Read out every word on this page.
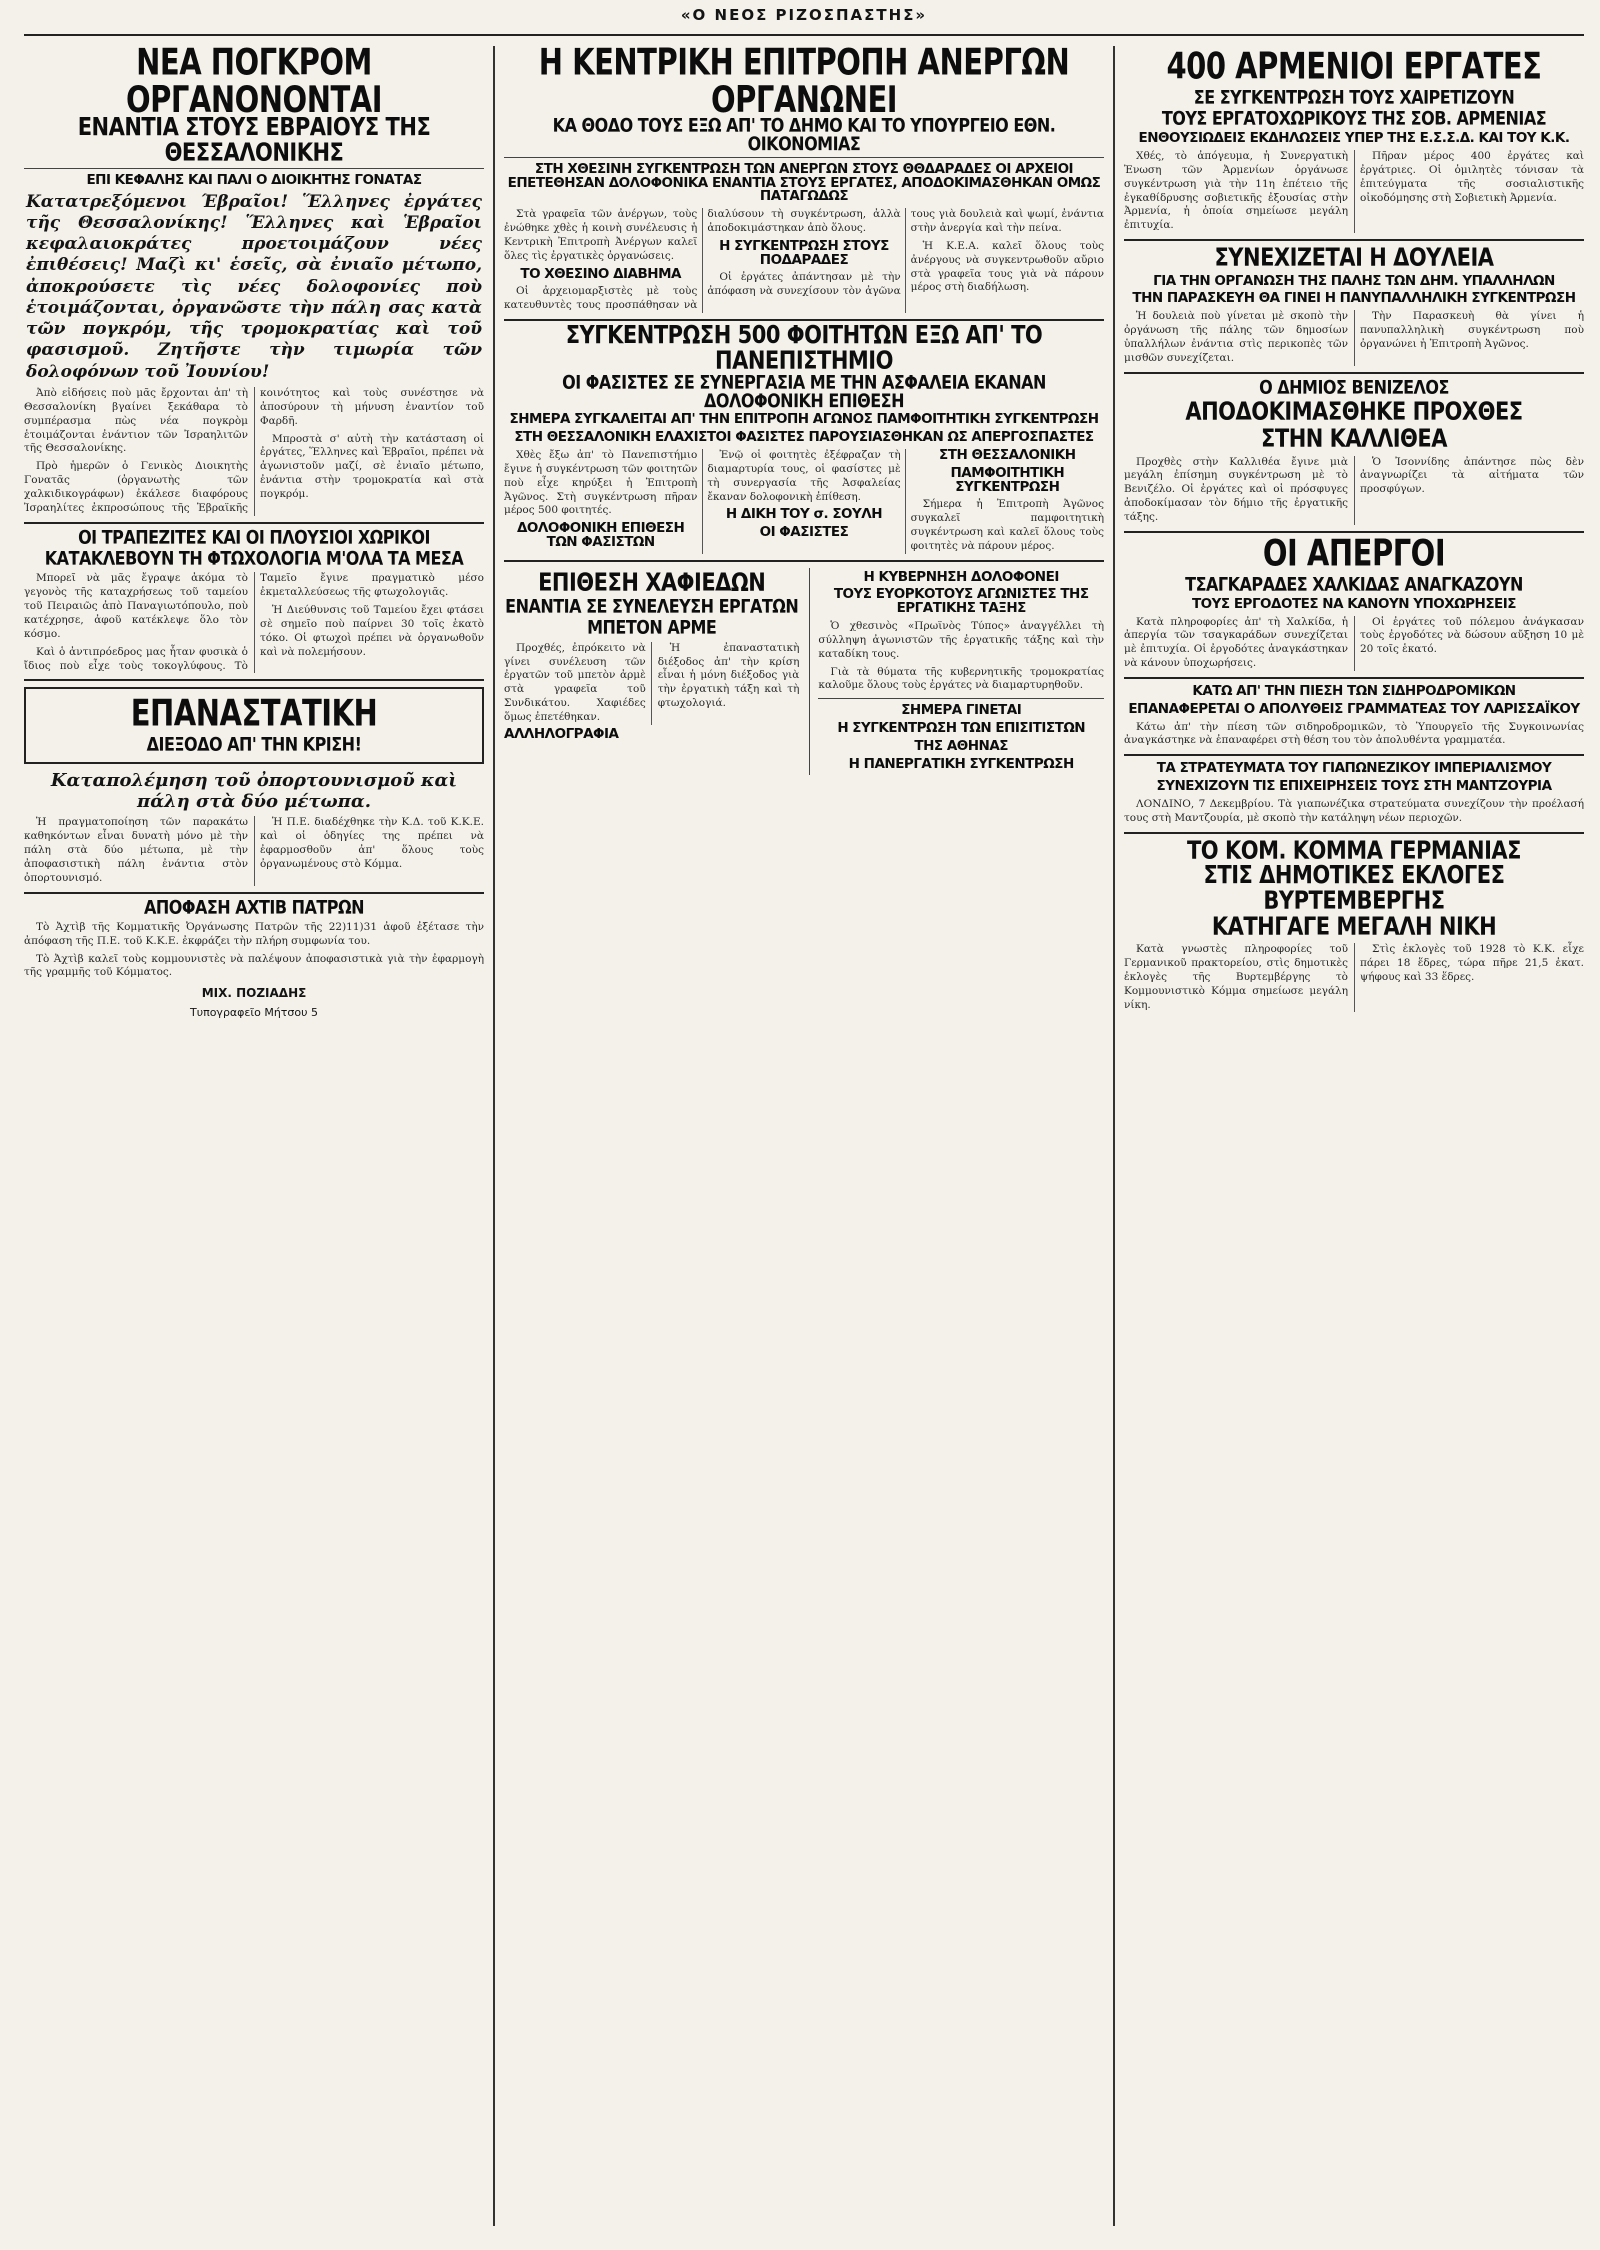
«Ο ΝΕΟΣ ΡΙΖΟΣΠΑΣΤΗΣ»
ΝΕΑ ΠΟΓΚΡΟΜ ΟΡΓΑΝΟΝΟΝΤΑΙ
ΕΝΑΝΤΙΑ ΣΤΟΥΣ ΕΒΡΑΙΟΥΣ ΤΗΣ ΘΕΣΣΑΛΟΝΙΚΗΣ
ΕΠΙ ΚΕΦΑΛΗΣ ΚΑΙ ΠΑΛΙ Ο ΔΙΟΙΚΗΤΗΣ ΓΟΝΑΤΑΣ
Κατατρεξόμενοι Έβραῖοι! Ἕλληνες ἐργάτες τῆς Θεσσαλονίκης! Ἕλληνες καὶ Ἑβραῖοι κεφαλαιοκράτες προετοιμάζουν νέες ἐπιθέσεις! Μαζὶ κι' ἑσεῖς, σὰ ἐνιαῖο μέτωπο, ἀποκρούσετε τὶς νέες δολοφονίες ποὺ ἑτοιμάζονται, ὀργανῶστε τὴν πάλη σας κατὰ τῶν πογκρόμ, τῆς τρομοκρατίας καὶ τοῦ φασισμοῦ. Ζητῆστε τὴν τιμωρία τῶν δολοφόνων τοῦ Ἰουνίου!

Ἀπὸ εἰδήσεις ποὺ μᾶς ἔρχονται ἀπ' τὴ Θεσσαλονίκη βγαίνει ξεκάθαρα τὸ συμπέρασμα πὼς νέα πογκρὸμ ἑτοιμάζονται ἐνάντιον τῶν Ἰσραηλιτῶν τῆς Θεσσαλονίκης.

Πρὸ ἡμερῶν ὁ Γενικὸς Διοικητὴς Γονατᾶς (ὀργανωτὴς τῶν χαλκιδικογράφων) ἐκάλεσε διαφόρους Ἰσραηλίτες ἐκπροσώπους τῆς Ἑβραϊκῆς κοινότητος καὶ τοὺς συνέστησε νὰ ἀποσύρουν τὴ μήνυση ἐναντίον τοῦ Φαρδῆ.

Μπροστὰ σ' αὐτὴ τὴν κατάσταση οἱ ἐργάτες, Ἕλληνες καὶ Ἑβραῖοι, πρέπει νὰ ἀγωνιστοῦν μαζί, σὲ ἐνιαῖο μέτωπο, ἐνάντια στὴν τρομοκρατία καὶ στὰ πογκρόμ.

ΟΙ ΤΡΑΠΕΖΙΤΕΣ ΚΑΙ ΟΙ ΠΛΟΥΣΙΟΙ ΧΩΡΙΚΟΙ
ΚΑΤΑΚΛΕΒΟΥΝ ΤΗ ΦΤΩΧΟΛΟΓΙΑ Μ'ΟΛΑ ΤΑ ΜΕΣΑ

Μπορεῖ νὰ μᾶς ἔγραψε ἀκόμα τὸ γεγονὸς τῆς καταχρήσεως τοῦ ταμείου τοῦ Πειραιῶς ἀπὸ Παναγιωτόπουλο, ποὺ κατέχρησε, ἀφοῦ κατέκλεψε ὅλο τὸν κόσμο.

Καὶ ὁ ἀντιπρόεδρος μας ἦταν φυσικὰ ὁ ἴδιος ποὺ εἶχε τοὺς τοκογλύφους. Τὸ Ταμεῖο ἔγινε πραγματικὸ μέσο ἐκμεταλλεύσεως τῆς φτωχολογιᾶς.

Ἡ Διεύθυνσις τοῦ Ταμείου ἔχει φτάσει σὲ σημεῖο ποὺ παίρνει 30 τοῖς ἑκατὸ τόκο. Οἱ φτωχοὶ πρέπει νὰ ὀργανωθοῦν καὶ νὰ πολεμήσουν.

ΕΠΑΝΑΣΤΑΤΙΚΗ
ΔΙΕΞΟΔΟ ΑΠ' ΤΗΝ ΚΡΙΣΗ!
Καταπολέμηση τοῦ ὀπορτουνισμοῦ καὶ πάλη στὰ δύο μέτωπα.

Ἡ πραγματοποίηση τῶν παρακάτω καθηκόντων εἶναι δυνατὴ μόνο μὲ τὴν πάλη στὰ δύο μέτωπα, μὲ τὴν ἀποφασιστικὴ πάλη ἐνάντια στὸν ὀπορτουνισμό.

Ἡ Π.Ε. διαδέχθηκε τὴν Κ.Δ. τοῦ Κ.Κ.Ε. καὶ οἱ ὁδηγίες της πρέπει νὰ ἐφαρμοσθοῦν ἀπ' ὅλους τοὺς ὀργανωμένους στὸ Κόμμα.

ΑΠΟΦΑΣΗ ΑΧΤΙΒ ΠΑΤΡΩΝ

Τὸ Ἀχτὶβ τῆς Κομματικῆς Ὀργάνωσης Πατρῶν τῆς 22)11)31 ἀφοῦ ἐξέτασε τὴν ἀπόφαση τῆς Π.Ε. τοῦ Κ.Κ.Ε. ἐκφράζει τὴν πλήρη συμφωνία του.

Τὸ Ἀχτὶβ καλεῖ τοὺς κομμουνιστὲς νὰ παλέψουν ἀποφασιστικὰ γιὰ τὴν ἐφαρμογὴ τῆς γραμμῆς τοῦ Κόμματος.

ΜΙΧ. ΠΟΖΙΑΔΗΣ
Τυπογραφεῖο Μήτσου 5
Η ΚΕΝΤΡΙΚΗ ΕΠΙΤΡΟΠΗ ΑΝΕΡΓΩΝ ΟΡΓΑΝΩΝΕΙ
ΚΑ ΘΟΔΟ ΤΟΥΣ ΕΞΩ ΑΠ' ΤΟ ΔΗΜΟ ΚΑΙ ΤΟ ΥΠΟΥΡΓΕΙΟ ΕΘΝ. ΟΙΚΟΝΟΜΙΑΣ
ΣΤΗ ΧΘΕΣΙΝΗ ΣΥΓΚΕΝΤΡΩΣΗ ΤΩΝ ΑΝΕΡΓΩΝ ΣΤΟΥΣ ΘΘΔΑΡΑΔΕΣ ΟΙ ΑΡΧΕΙΟΙ ΕΠΕΤΕΘΗΣΑΝ ΔΟΛΟΦΟΝΙΚΑ ΕΝΑΝΤΙΑ ΣΤΟΥΣ ΕΡΓΑΤΕΣ, ΑΠΟΔΟΚΙΜΑΣΘΗΚΑΝ ΟΜΩΣ ΠΑΤΑΓΩΔΩΣ

Στὰ γραφεῖα τῶν ἀνέργων, τοὺς ἐνώθηκε χθὲς ἡ κοινὴ συνέλευσις ἡ Κεντρικὴ Ἐπιτροπὴ Ἀνέργων καλεῖ ὅλες τὶς ἐργατικὲς ὀργανώσεις.

ΤΟ ΧΘΕΣΙΝΟ ΔΙΑΒΗΜΑ

Οἱ ἀρχειομαρξιστὲς μὲ τοὺς κατευθυντὲς τους προσπάθησαν νὰ διαλύσουν τὴ συγκέντρωση, ἀλλὰ ἀποδοκιμάστηκαν ἀπὸ ὅλους.

Η ΣΥΓΚΕΝΤΡΩΣΗ ΣΤΟΥΣ ΠΟΔΑΡΑΔΕΣ

Οἱ ἐργάτες ἀπάντησαν μὲ τὴν ἀπόφαση νὰ συνεχίσουν τὸν ἀγῶνα τους γιὰ δουλειὰ καὶ ψωμί, ἐνάντια στὴν ἀνεργία καὶ τὴν πείνα.

Ἡ Κ.Ε.Α. καλεῖ ὅλους τοὺς ἀνέργους νὰ συγκεντρωθοῦν αὔριο στὰ γραφεῖα τους γιὰ νὰ πάρουν μέρος στὴ διαδήλωση.

ΣΥΓΚΕΝΤΡΩΣΗ 500 ΦΟΙΤΗΤΩΝ ΕΞΩ ΑΠ' ΤΟ ΠΑΝΕΠΙΣΤΗΜΙΟ
ΟΙ ΦΑΣΙΣΤΕΣ ΣΕ ΣΥΝΕΡΓΑΣΙΑ ΜΕ ΤΗΝ ΑΣΦΑΛΕΙΑ ΕΚΑΝΑΝ ΔΟΛΟΦΟΝΙΚΗ ΕΠΙΘΕΣΗ
ΣΗΜΕΡΑ ΣΥΓΚΑΛΕΙΤΑΙ ΑΠ' ΤΗΝ ΕΠΙΤΡΟΠΗ ΑΓΩΝΟΣ ΠΑΜΦΟΙΤΗΤΙΚΗ ΣΥΓΚΕΝΤΡΩΣΗ
ΣΤΗ ΘΕΣΣΑΛΟΝΙΚΗ ΕΛΑΧΙΣΤΟΙ ΦΑΣΙΣΤΕΣ ΠΑΡΟΥΣΙΑΣΘΗΚΑΝ ΩΣ ΑΠΕΡΓΟΣΠΑΣΤΕΣ

Χθὲς ἔξω ἀπ' τὸ Πανεπιστήμιο ἔγινε ἡ συγκέντρωση τῶν φοιτητῶν ποὺ εἶχε κηρύξει ἡ Ἐπιτροπὴ Ἀγῶνος. Στὴ συγκέντρωση πῆραν μέρος 500 φοιτητές.

ΔΟΛΟΦΟΝΙΚΗ ΕΠΙΘΕΣΗ ΤΩΝ ΦΑΣΙΣΤΩΝ

Ἐνῷ οἱ φοιτητὲς ἐξέφραζαν τὴ διαμαρτυρία τους, οἱ φασίστες μὲ τὴ συνεργασία τῆς Ἀσφαλείας ἔκαναν δολοφονικὴ ἐπίθεση.

Η ΔΙΚΗ ΤΟΥ σ. ΣΟΥΛΗ
ΟΙ ΦΑΣΙΣΤΕΣ
ΣΤΗ ΘΕΣΣΑΛΟΝΙΚΗ
ΠΑΜΦΟΙΤΗΤΙΚΗ ΣΥΓΚΕΝΤΡΩΣΗ

Σήμερα ἡ Ἐπιτροπὴ Ἀγῶνος συγκαλεῖ παμφοιτητικὴ συγκέντρωση καὶ καλεῖ ὅλους τοὺς φοιτητὲς νὰ πάρουν μέρος.

ΕΠΙΘΕΣΗ ΧΑΦΙΕΔΩΝ
ΕΝΑΝΤΙΑ ΣΕ ΣΥΝΕΛΕΥΣΗ ΕΡΓΑΤΩΝ
ΜΠΕΤΟΝ ΑΡΜΕ

Προχθές, ἐπρόκειτο νὰ γίνει συνέλευση τῶν ἐργατῶν τοῦ μπετὸν ἀρμὲ στὰ γραφεῖα τοῦ Συνδικάτου. Χαφιέδες ὅμως ἐπετέθηκαν.

Ἡ ἐπαναστατικὴ διέξοδος ἀπ' τὴν κρίση εἶναι ἡ μόνη διέξοδος γιὰ τὴν ἐργατικὴ τάξη καὶ τὴ φτωχολογιά.

ΑΛΛΗΛΟΓΡΑΦΙΑ
Η ΚΥΒΕΡΝΗΣΗ ΔΟΛΟΦΟΝΕΙ
ΤΟΥΣ ΕΥΟΡΚΟΤΟΥΣ ΑΓΩΝΙΣΤΕΣ ΤΗΣ ΕΡΓΑΤΙΚΗΣ ΤΑΞΗΣ

Ὁ χθεσινὸς «Πρωϊνὸς Τύπος» ἀναγγέλλει τὴ σύλληψη ἀγωνιστῶν τῆς ἐργατικῆς τάξης καὶ τὴν καταδίκη τους.

Γιὰ τὰ θύματα τῆς κυβερνητικῆς τρομοκρατίας καλοῦμε ὅλους τοὺς ἐργάτες νὰ διαμαρτυρηθοῦν.

ΣΗΜΕΡΑ ΓΙΝΕΤΑΙ
Η ΣΥΓΚΕΝΤΡΩΣΗ ΤΩΝ ΕΠΙΣΙΤΙΣΤΩΝ
ΤΗΣ ΑΘΗΝΑΣ
Η ΠΑΝΕΡΓΑΤΙΚΗ ΣΥΓΚΕΝΤΡΩΣΗ
400 ΑΡΜΕΝΙΟΙ ΕΡΓΑΤΕΣ
ΣΕ ΣΥΓΚΕΝΤΡΩΣΗ ΤΟΥΣ ΧΑΙΡΕΤΙΖΟΥΝ
ΤΟΥΣ ΕΡΓΑΤΟΧΩΡΙΚΟΥΣ ΤΗΣ ΣΟΒ. ΑΡΜΕΝΙΑΣ
ΕΝΘΟΥΣΙΩΔΕΙΣ ΕΚΔΗΛΩΣΕΙΣ ΥΠΕΡ ΤΗΣ Ε.Σ.Σ.Δ. ΚΑΙ ΤΟΥ Κ.Κ.

Χθές, τὸ ἀπόγευμα, ἡ Συνεργατικὴ Ἐνωση τῶν Ἀρμενίων ὀργάνωσε συγκέντρωση γιὰ τὴν 11η ἐπέτειο τῆς ἐγκαθίδρυσης σοβιετικῆς ἐξουσίας στὴν Ἀρμενία, ἡ ὁποία σημείωσε μεγάλη ἐπιτυχία.

Πῆραν μέρος 400 ἐργάτες καὶ ἐργάτριες. Οἱ ὁμιλητὲς τόνισαν τὰ ἐπιτεύγματα τῆς σοσιαλιστικῆς οἰκοδόμησης στὴ Σοβιετικὴ Ἀρμενία.

ΣΥΝΕΧΙΖΕΤΑΙ Η ΔΟΥΛΕΙΑ
ΓΙΑ ΤΗΝ ΟΡΓΑΝΩΣΗ ΤΗΣ ΠΑΛΗΣ ΤΩΝ ΔΗΜ. ΥΠΑΛΛΗΛΩΝ
ΤΗΝ ΠΑΡΑΣΚΕΥΗ ΘΑ ΓΙΝΕΙ Η ΠΑΝΥΠΑΛΛΗΛΙΚΗ ΣΥΓΚΕΝΤΡΩΣΗ

Ἡ δουλειὰ ποὺ γίνεται μὲ σκοπὸ τὴν ὀργάνωση τῆς πάλης τῶν δημοσίων ὑπαλλήλων ἐνάντια στὶς περικοπὲς τῶν μισθῶν συνεχίζεται.

Τὴν Παρασκευὴ θὰ γίνει ἡ πανυπαλληλικὴ συγκέντρωση ποὺ ὀργανώνει ἡ Ἐπιτροπὴ Ἀγῶνος.

Ο ΔΗΜΙΟΣ ΒΕΝΙΖΕΛΟΣ
ΑΠΟΔΟΚΙΜΑΣΘΗΚΕ ΠΡΟΧΘΕΣ
ΣΤΗΝ ΚΑΛΛΙΘΕΑ

Προχθὲς στὴν Καλλιθέα ἔγινε μιὰ μεγάλη ἐπίσημη συγκέντρωση μὲ τὸ Βενιζέλο. Οἱ ἐργάτες καὶ οἱ πρόσφυγες ἀποδοκίμασαν τὸν δήμιο τῆς ἐργατικῆς τάξης.

Ὁ Ἰσοννίδης ἀπάντησε πὼς δὲν ἀναγνωρίζει τὰ αἰτήματα τῶν προσφύγων.

ΟΙ ΑΠΕΡΓΟΙ
ΤΣΑΓΚΑΡΑΔΕΣ ΧΑΛΚΙΔΑΣ ΑΝΑΓΚΑΖΟΥΝ
ΤΟΥΣ ΕΡΓΟΔΟΤΕΣ ΝΑ ΚΑΝΟΥΝ ΥΠΟΧΩΡΗΣΕΙΣ

Κατὰ πληροφορίες ἀπ' τὴ Χαλκίδα, ἡ ἀπεργία τῶν τσαγκαράδων συνεχίζεται μὲ ἐπιτυχία. Οἱ ἐργοδότες ἀναγκάστηκαν νὰ κάνουν ὑποχωρήσεις.

Οἱ ἐργάτες τοῦ πόλεμου ἀνάγκασαν τοὺς ἐργοδότες νὰ δώσουν αὔξηση 10 μὲ 20 τοῖς ἑκατό.

ΚΑΤΩ ΑΠ' ΤΗΝ ΠΙΕΣΗ ΤΩΝ ΣΙΔΗΡΟΔΡΟΜΙΚΩΝ
ΕΠΑΝΑΦΕΡΕΤΑΙ Ο ΑΠΟΛΥΘΕΙΣ ΓΡΑΜΜΑΤΕΑΣ ΤΟΥ ΛΑΡΙΣΣΑΪΚΟΥ

Κάτω ἀπ' τὴν πίεση τῶν σιδηροδρομικῶν, τὸ Ὑπουργεῖο τῆς Συγκοινωνίας ἀναγκάστηκε νὰ ἐπαναφέρει στὴ θέση του τὸν ἀπολυθέντα γραμματέα.

ΤΑ ΣΤΡΑΤΕΥΜΑΤΑ ΤΟΥ ΓΙΑΠΩΝΕΖΙΚΟΥ ΙΜΠΕΡΙΑΛΙΣΜΟΥ
ΣΥΝΕΧΙΖΟΥΝ ΤΙΣ ΕΠΙΧΕΙΡΗΣΕΙΣ ΤΟΥΣ ΣΤΗ ΜΑΝΤΖΟΥΡΙΑ

ΛΟΝΔΙΝΟ, 7 Δεκεμβρίου. Τὰ γιαπωνέζικα στρατεύματα συνεχίζουν τὴν προέλασή τους στὴ Μαντζουρία, μὲ σκοπὸ τὴν κατάληψη νέων περιοχῶν.

ΤΟ ΚΟΜ. ΚΟΜΜΑ ΓΕΡΜΑΝΙΑΣ
ΣΤΙΣ ΔΗΜΟΤΙΚΕΣ ΕΚΛΟΓΕΣ ΒΥΡΤΕΜΒΕΡΓΗΣ
ΚΑΤΗΓΑΓΕ ΜΕΓΑΛΗ ΝΙΚΗ

Κατὰ γνωστὲς πληροφορίες τοῦ Γερμανικοῦ πρακτορείου, στὶς δημοτικὲς ἐκλογὲς τῆς Βυρτεμβέργης τὸ Κομμουνιστικὸ Κόμμα σημείωσε μεγάλη νίκη.

Στὶς ἐκλογὲς τοῦ 1928 τὸ Κ.Κ. εἶχε πάρει 18 ἕδρες, τώρα πῆρε 21,5 ἐκατ. ψήφους καὶ 33 ἕδρες.
